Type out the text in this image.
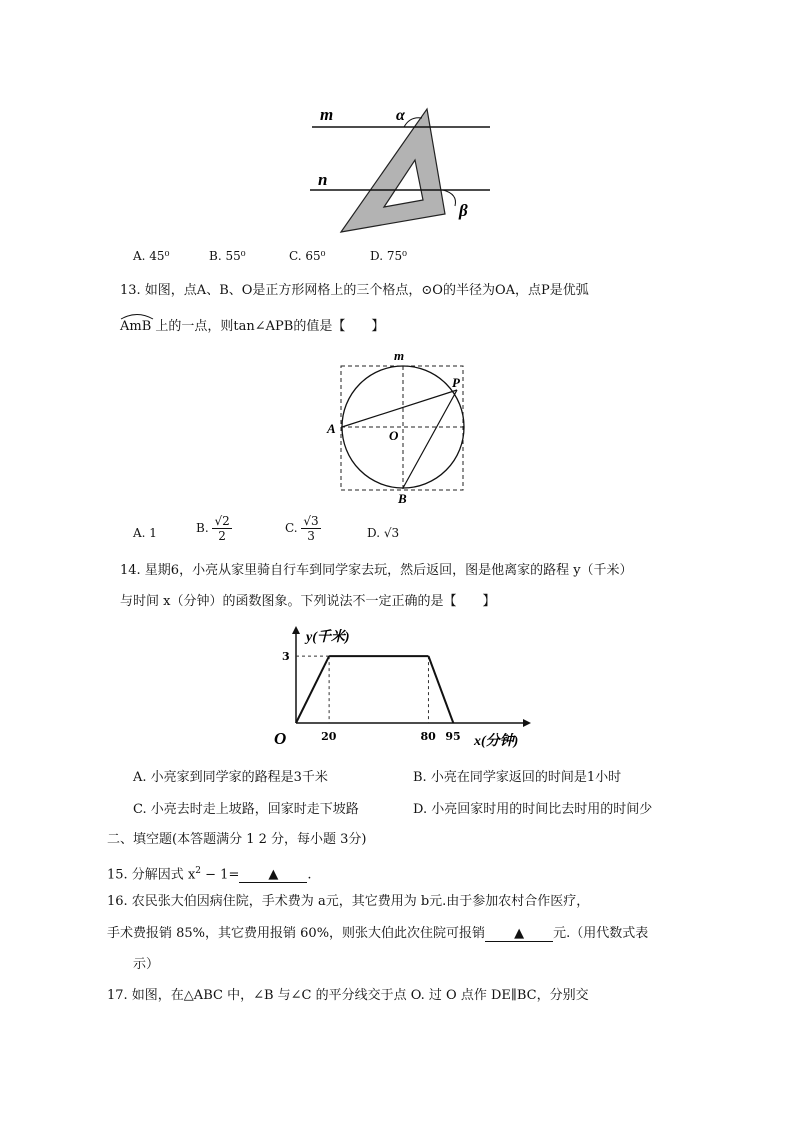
m
n
α
β
A. 45⁰	B. 55⁰	C. 65⁰	D. 75⁰
13. 如图，点A、B、O是正方形网格上的三个格点，⊙O的半径为OA，点P是优弧
AmB 上的一点，则tan∠APB的值是【　　】
m
P
A	O
B
A. 1	B. $\frac{√2}{2}$	C. $\frac{√3}{3}$	D. √3
14. 星期6，小亮从家里骑自行车到同学家去玩，然后返回，图是他离家的路程 y（千米）
与时间 x（分钟）的函数图象。下列说法不一定正确的是【　　】
y(千米)
x(分钟)
O	20	80 95
3
A. 小亮家到同学家的路程是3千米	B. 小亮在同学家返回的时间是1小时
C. 小亮去时走上坡路，回家时走下坡路	D. 小亮回家时用的时间比去时用的时间少
二、填空题(本答题满分 1 2 分，每小题 3分)
15. 分解因式 $x^2 - 1=$ ▲ .
16. 农民张大伯因病住院，手术费为 a元，其它费用为 b元.由于参加农村合作医疗，
手术费报销 85%，其它费用报销 60%，则张大伯此次住院可报销 ▲ 元.（用代数式表
示）
17. 如图，在△ABC 中，∠B 与∠C 的平分线交于点 O. 过 O 点作 DE∥BC，分别交
